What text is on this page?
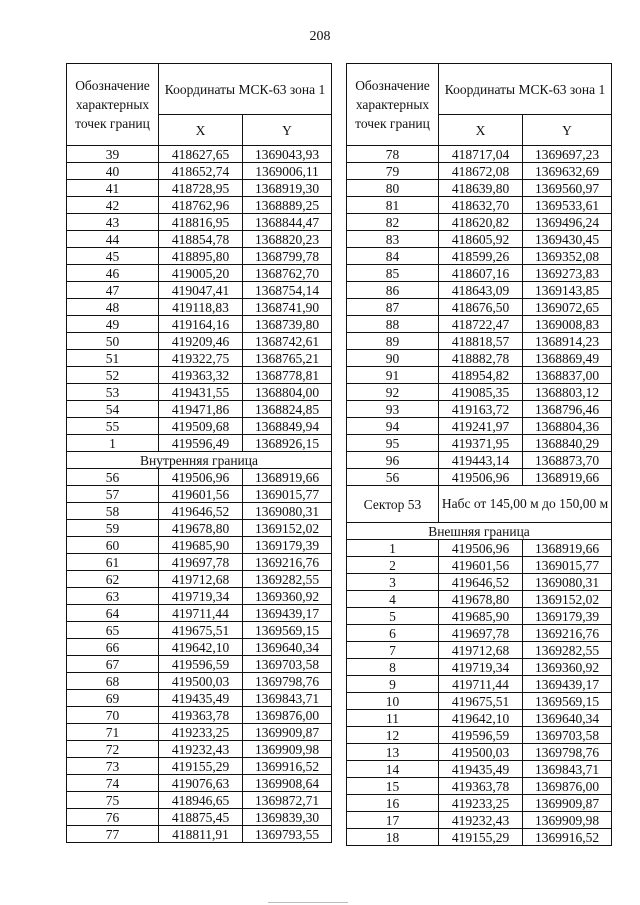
208
Обозначение характерных точек границ	Координаты МСК-63 зона 1	
	X	Y
39	418627,65	1369043,93
40	418652,74	1369006,11
41	418728,95	1368919,30
42	418762,96	1368889,25
43	418816,95	1368844,47
44	418854,78	1368820,23
45	418895,80	1368799,78
46	419005,20	1368762,70
47	419047,41	1368754,14
48	419118,83	1368741,90
49	419164,16	1368739,80
50	419209,46	1368742,61
51	419322,75	1368765,21
52	419363,32	1368778,81
53	419431,55	1368804,00
54	419471,86	1368824,85
55	419509,68	1368849,94
1	419596,49	1368926,15
Внутренняя граница		
56	419506,96	1368919,66
57	419601,56	1369015,77
58	419646,52	1369080,31
59	419678,80	1369152,02
60	419685,90	1369179,39
61	419697,78	1369216,76
62	419712,68	1369282,55
63	419719,34	1369360,92
64	419711,44	1369439,17
65	419675,51	1369569,15
66	419642,10	1369640,34
67	419596,59	1369703,58
68	419500,03	1369798,76
69	419435,49	1369843,71
70	419363,78	1369876,00
71	419233,25	1369909,87
72	419232,43	1369909,98
73	419155,29	1369916,52
74	419076,63	1369908,64
75	418946,65	1369872,71
76	418875,45	1369839,30
77	418811,91	1369793,55
Обозначение характерных точек границ	Координаты МСК-63 зона 1	
	X	Y
78	418717,04	1369697,23
79	418672,08	1369632,69
80	418639,80	1369560,97
81	418632,70	1369533,61
82	418620,82	1369496,24
83	418605,92	1369430,45
84	418599,26	1369352,08
85	418607,16	1369273,83
86	418643,09	1369143,85
87	418676,50	1369072,65
88	418722,47	1369008,83
89	418818,57	1368914,23
90	418882,78	1368869,49
91	418954,82	1368837,00
92	419085,35	1368803,12
93	419163,72	1368796,46
94	419241,97	1368804,36
95	419371,95	1368840,29
96	419443,14	1368873,70
56	419506,96	1368919,66
Сектор 53	Набс от 145,00 м до 150,00 м	
Внешняя граница		
1	419506,96	1368919,66
2	419601,56	1369015,77
3	419646,52	1369080,31
4	419678,80	1369152,02
5	419685,90	1369179,39
6	419697,78	1369216,76
7	419712,68	1369282,55
8	419719,34	1369360,92
9	419711,44	1369439,17
10	419675,51	1369569,15
11	419642,10	1369640,34
12	419596,59	1369703,58
13	419500,03	1369798,76
14	419435,49	1369843,71
15	419363,78	1369876,00
16	419233,25	1369909,87
17	419232,43	1369909,98
18	419155,29	1369916,52
